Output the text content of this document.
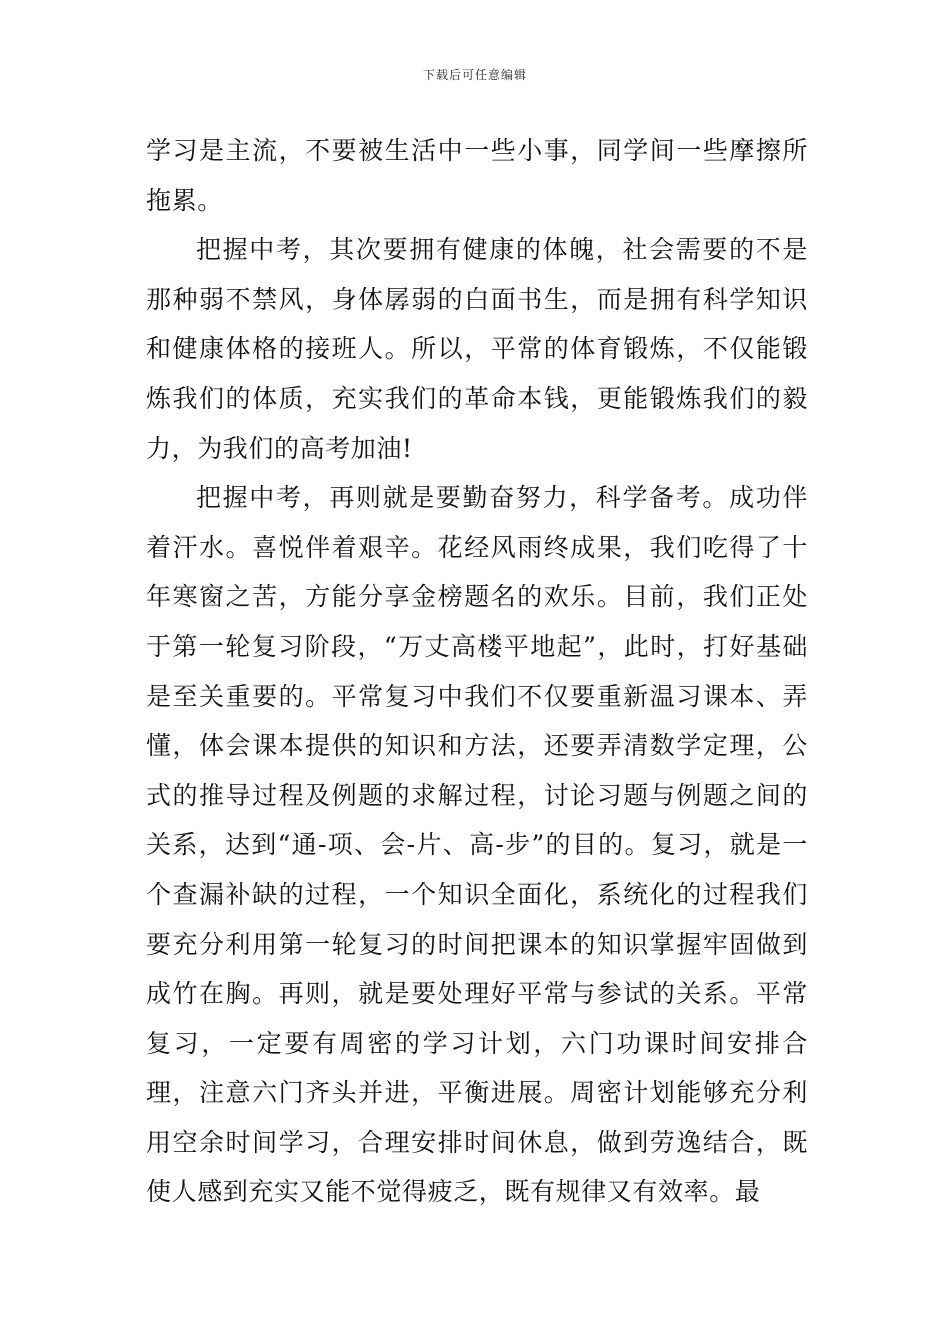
下载后可任意编辑

学习是主流，不要被生活中一些小事，同学间一些摩擦所拖累。

把握中考，其次要拥有健康的体魄，社会需要的不是那种弱不禁风，身体孱弱的白面书生，而是拥有科学知识和健康体格的接班人。所以，平常的体育锻炼，不仅能锻炼我们的体质，充实我们的革命本钱，更能锻炼我们的毅力，为我们的高考加油!

把握中考，再则就是要勤奋努力，科学备考。成功伴着汗水。喜悦伴着艰辛。花经风雨终成果，我们吃得了十年寒窗之苦，方能分享金榜题名的欢乐。目前，我们正处于第一轮复习阶段，“万丈高楼平地起”，此时，打好基础是至关重要的。平常复习中我们不仅要重新温习课本、弄懂，体会课本提供的知识和方法，还要弄清数学定理，公式的推导过程及例题的求解过程，讨论习题与例题之间的关系，达到“通-项、会-片、高-步”的目的。复习，就是一个查漏补缺的过程，一个知识全面化，系统化的过程我们要充分利用第一轮复习的时间把课本的知识掌握牢固做到成竹在胸。再则，就是要处理好平常与参试的关系。平常复习，一定要有周密的学习计划，六门功课时间安排合理，注意六门齐头并进，平衡进展。周密计划能够充分利用空余时间学习，合理安排时间休息，做到劳逸结合，既使人感到充实又能不觉得疲乏，既有规律又有效率。最
